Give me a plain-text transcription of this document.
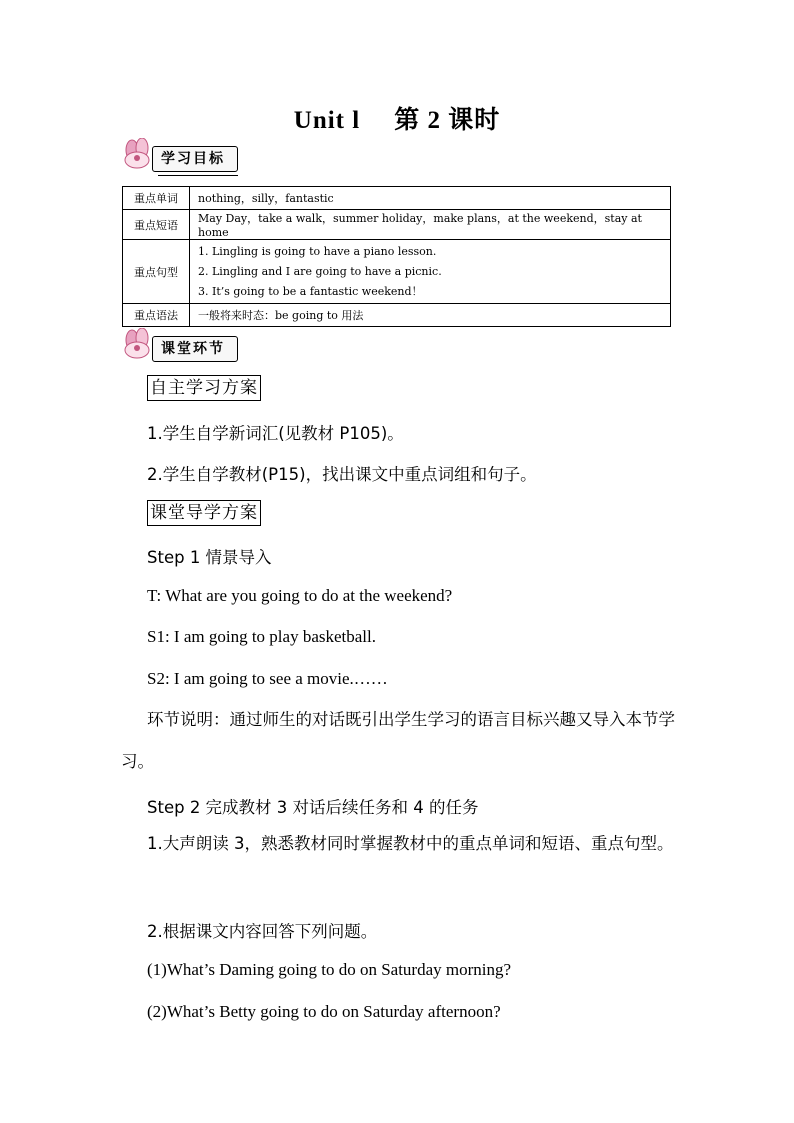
Unit l 第 2 课时
学习目标
重点单词	nothing，silly，fantastic
重点短语	May Day，take a walk，summer holiday，make plans，at the weekend，stay at home
重点句型	1. Lingling is going to have a piano lesson.
2. Lingling and I are going to have a picnic.
3. It’s going to be a fantastic weekend！

重点语法	一般将来时态：be going to 用法
课堂环节
自主学习方案
1.学生自学新词汇(见教材 P105)。
2.学生自学教材(P15)，找出课文中重点词组和句子。
课堂导学方案
Step 1 情景导入
T: What are you going to do at the weekend?
S1: I am going to play basketball.
S2: I am going to see a movie.……
环节说明：通过师生的对话既引出学生学习的语言目标兴趣又导入本节学习。
Step 2 完成教材 3 对话后续任务和 4 的任务
1.大声朗读 3，熟悉教材同时掌握教材中的重点单词和短语、重点句型。
2.根据课文内容回答下列问题。
(1)What’s Daming going to do on Saturday morning?
(2)What’s Betty going to do on Saturday afternoon?
